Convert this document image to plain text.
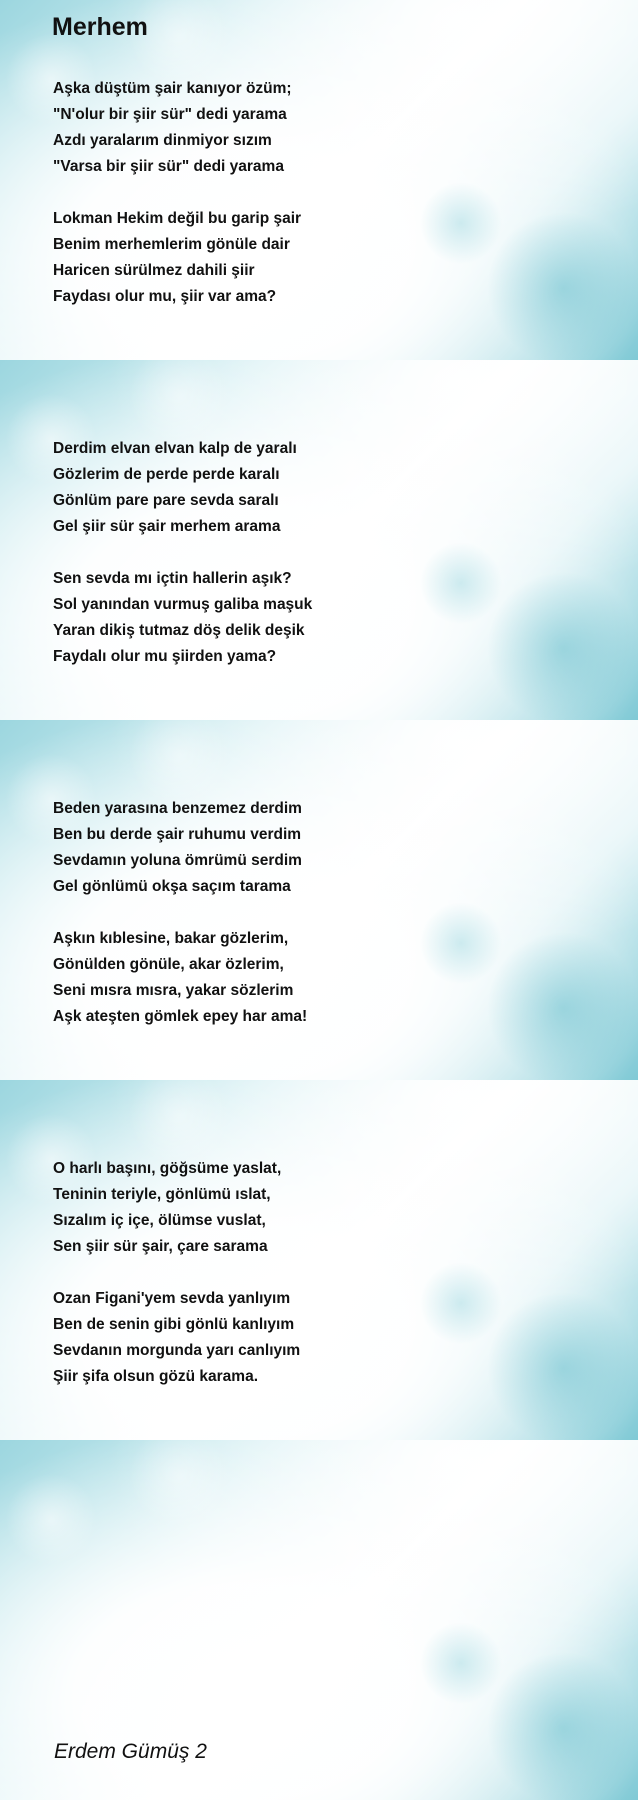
Merhem

Aşka düştüm şair kanıyor özüm;
"N'olur bir şiir sür" dedi yarama
Azdı yaralarım dinmiyor sızım
"Varsa bir şiir sür" dedi yarama

Lokman Hekim değil bu garip şair
Benim merhemlerim gönüle dair
Haricen sürülmez dahili şiir
Faydası olur mu, şiir var ama?

Derdim elvan elvan kalp de yaralı
Gözlerim de perde perde karalı
Gönlüm pare pare sevda saralı
Gel şiir sür şair merhem arama

Sen sevda mı içtin hallerin aşık?
Sol yanından vurmuş galiba maşuk
Yaran dikiş tutmaz döş delik deşik
Faydalı olur mu şiirden yama?

Beden yarasına benzemez derdim
Ben bu derde şair ruhumu verdim
Sevdamın yoluna ömrümü serdim
Gel gönlümü okşa saçım tarama

Aşkın kıblesine, bakar gözlerim,
Gönülden gönüle, akar özlerim,
Seni mısra mısra, yakar sözlerim
Aşk ateşten gömlek epey har ama!

O harlı başını, göğsüme yaslat,
Teninin teriyle, gönlümü ıslat,
Sızalım iç içe, ölümse vuslat,
Sen şiir sür şair, çare sarama

Ozan Figani'yem sevda yanlıyım
Ben de senin gibi gönlü kanlıyım
Sevdanın morgunda yarı canlıyım
Şiir şifa olsun gözü karama.

Erdem Gümüş 2
